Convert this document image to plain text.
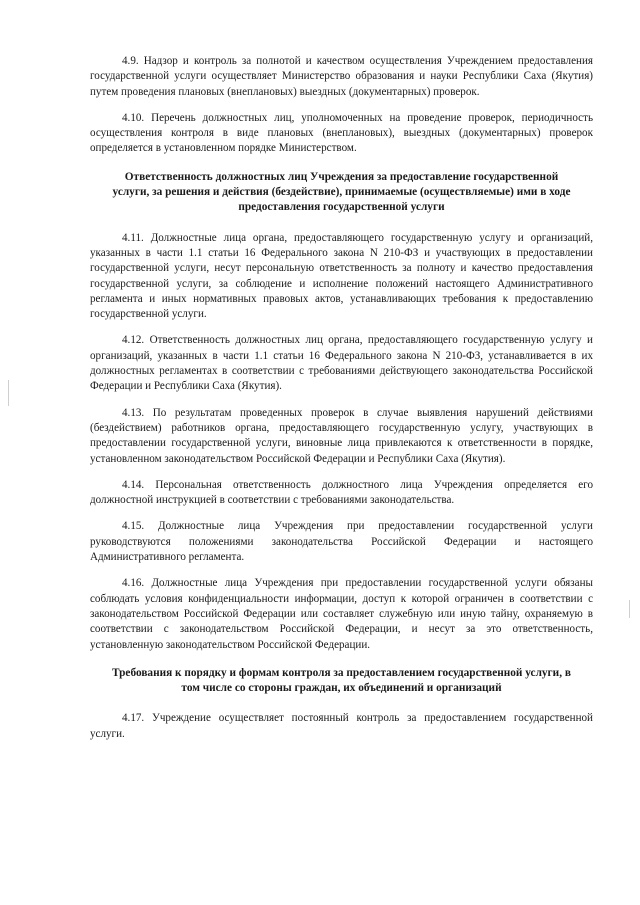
4.9. Надзор и контроль за полнотой и качеством осуществления Учреждением предоставления государственной услуги осуществляет Министерство образования и науки Республики Саха (Якутия) путем проведения плановых (внеплановых) выездных (документарных) проверок.

4.10. Перечень должностных лиц, уполномоченных на проведение проверок, периодичность осуществления контроля в виде плановых (внеплановых), выездных (документарных) проверок определяется в установленном порядке Министерством.

Ответственность должностных лиц Учреждения за предоставление государственной услуги, за решения и действия (бездействие), принимаемые (осуществляемые) ими в ходе предоставления государственной услуги

4.11. Должностные лица органа, предоставляющего государственную услугу и организаций, указанных в части 1.1 статьи 16 Федерального закона N 210-ФЗ и участвующих в предоставлении государственной услуги, несут персональную ответственность за полноту и качество предоставления государственной услуги, за соблюдение и исполнение положений настоящего Административного регламента и иных нормативных правовых актов, устанавливающих требования к предоставлению государственной услуги.

4.12. Ответственность должностных лиц органа, предоставляющего государственную услугу и организаций, указанных в части 1.1 статьи 16 Федерального закона N 210-ФЗ, устанавливается в их должностных регламентах в соответствии с требованиями действующего законодательства Российской Федерации и Республики Саха (Якутия).

4.13. По результатам проведенных проверок в случае выявления нарушений действиями (бездействием) работников органа, предоставляющего государственную услугу, участвующих в предоставлении государственной услуги, виновные лица привлекаются к ответственности в порядке, установленном законодательством Российской Федерации и Республики Саха (Якутия).

4.14. Персональная ответственность должностного лица Учреждения определяется его должностной инструкцией в соответствии с требованиями законодательства.

4.15. Должностные лица Учреждения при предоставлении государственной услуги руководствуются положениями законодательства Российской Федерации и настоящего Административного регламента.

4.16. Должностные лица Учреждения при предоставлении государственной услуги обязаны соблюдать условия конфиденциальности информации, доступ к которой ограничен в соответствии с законодательством Российской Федерации или составляет служебную или иную тайну, охраняемую в соответствии с законодательством Российской Федерации, и несут за это ответственность, установленную законодательством Российской Федерации.

Требования к порядку и формам контроля за предоставлением государственной услуги, в том числе со стороны граждан, их объединений и организаций

4.17. Учреждение осуществляет постоянный контроль за предоставлением государственной услуги.
